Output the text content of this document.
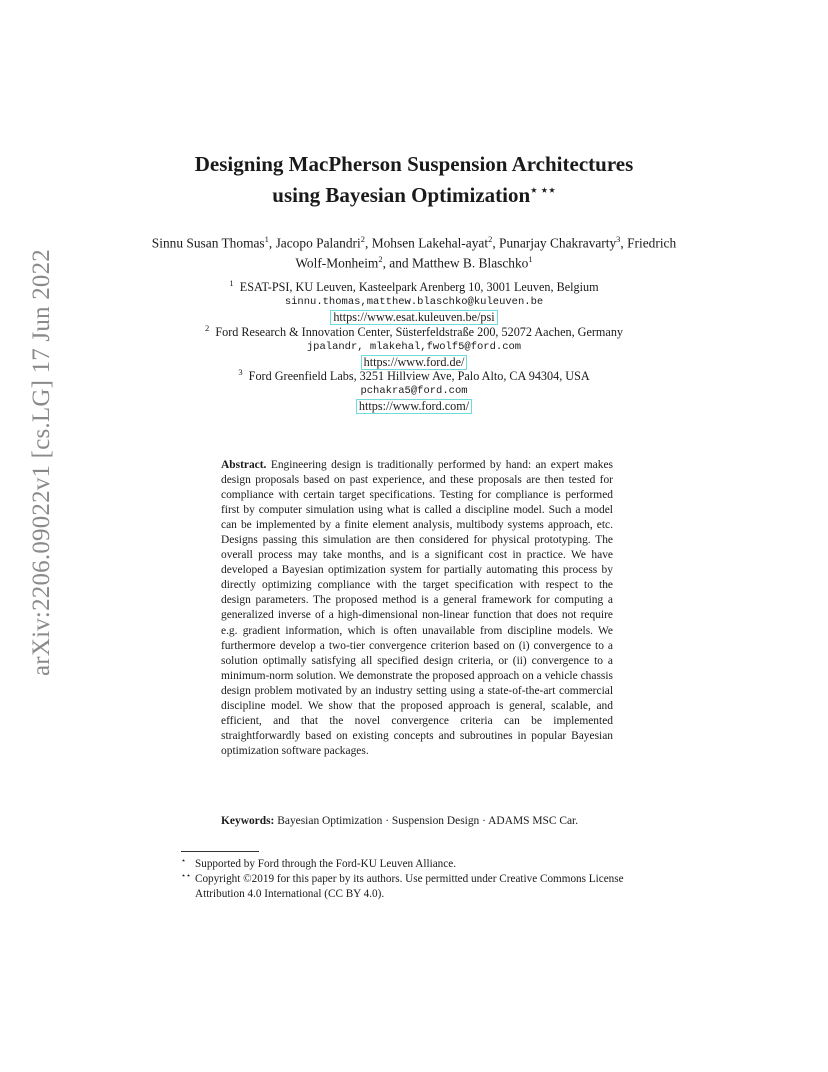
arXiv:2206.09022v1 [cs.LG] 17 Jun 2022
Designing MacPherson Suspension Architectures
using Bayesian Optimization⋆ ⋆⋆
Sinnu Susan Thomas$^1$, Jacopo Palandri$^2$, Mohsen Lakehal-ayat$^2$, Punarjay Chakravarty$^3$, Friedrich Wolf-Monheim$^2$, and Matthew B. Blaschko$^1$
$^1$ ESAT-PSI, KU Leuven, Kasteelpark Arenberg 10, 3001 Leuven, Belgium
sinnu.thomas,matthew.blaschko@kuleuven.be
https://www.esat.kuleuven.be/psi
$^2$ Ford Research & Innovation Center, Süsterfeldstraße 200, 52072 Aachen, Germany
jpalandr, mlakehal,fwolf5@ford.com
https://www.ford.de/
$^3$ Ford Greenfield Labs, 3251 Hillview Ave, Palo Alto, CA 94304, USA
pchakra5@ford.com
https://www.ford.com/
Abstract. Engineering design is traditionally performed by hand: an expert makes design proposals based on past experience, and these proposals are then tested for compliance with certain target specifications. Testing for compliance is performed first by computer simulation using what is called a discipline model. Such a model can be implemented by a finite element analysis, multibody systems approach, etc. Designs passing this simulation are then considered for physical prototyping. The overall process may take months, and is a significant cost in practice. We have developed a Bayesian optimization system for partially automating this process by directly optimizing compliance with the target specification with respect to the design parameters. The proposed method is a general framework for computing a generalized inverse of a high-dimensional non-linear function that does not require e.g. gradient information, which is often unavailable from discipline models. We furthermore develop a two-tier convergence criterion based on (i) convergence to a solution optimally satisfying all specified design criteria, or (ii) convergence to a minimum-norm solution. We demonstrate the proposed approach on a vehicle chassis design problem motivated by an industry setting using a state-of-the-art commercial discipline model. We show that the proposed approach is general, scalable, and efficient, and that the novel convergence criteria can be implemented straightforwardly based on existing concepts and subroutines in popular Bayesian optimization software packages.
Keywords: Bayesian Optimization · Suspension Design · ADAMS MSC Car.
⋆ Supported by Ford through the Ford-KU Leuven Alliance.
⋆⋆ Copyright ©2019 for this paper by its authors. Use permitted under Creative Commons License Attribution 4.0 International (CC BY 4.0).
